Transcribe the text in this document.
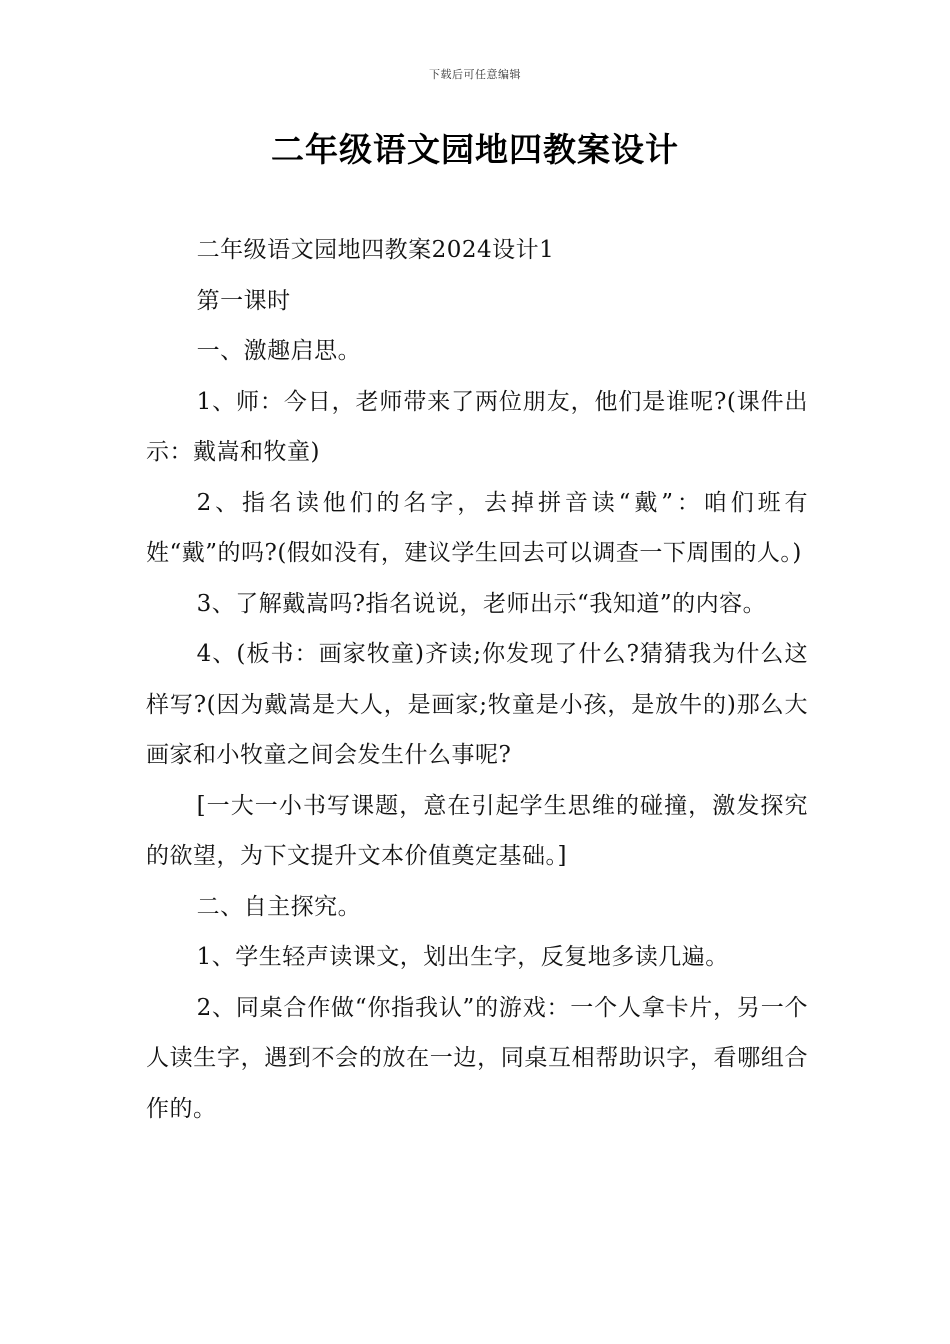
下载后可任意编辑
二年级语文园地四教案设计

二年级语文园地四教案2024设计1

第一课时

一、激趣启思。

1、师：今日，老师带来了两位朋友，他们是谁呢?(课件出示：戴嵩和牧童)

2、指名读他们的名字，去掉拼音读“戴”：咱们班有姓“戴”的吗?(假如没有，建议学生回去可以调查一下周围的人。)

3、了解戴嵩吗?指名说说，老师出示“我知道”的内容。

4、(板书：画家牧童)齐读;你发现了什么?猜猜我为什么这样写?(因为戴嵩是大人，是画家;牧童是小孩，是放牛的)那么大画家和小牧童之间会发生什么事呢?

[一大一小书写课题，意在引起学生思维的碰撞，激发探究的欲望，为下文提升文本价值奠定基础。]

二、自主探究。

1、学生轻声读课文，划出生字，反复地多读几遍。

2、同桌合作做“你指我认”的游戏：一个人拿卡片，另一个人读生字，遇到不会的放在一边，同桌互相帮助识字，看哪组合作的。
